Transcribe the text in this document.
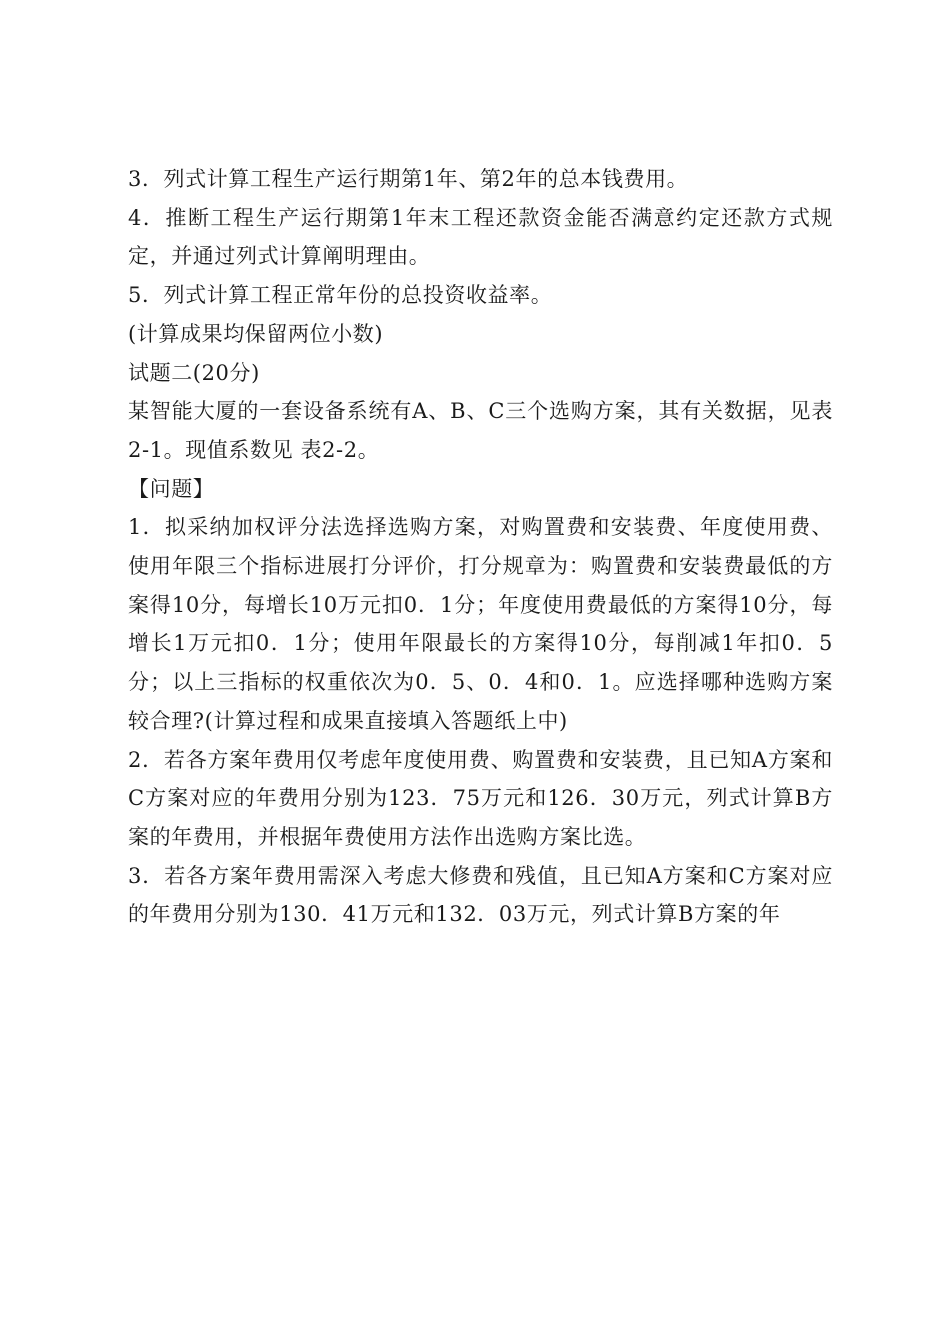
3．列式计算工程生产运行期第1年、第2年的总本钱费用。

4．推断工程生产运行期第1年末工程还款资金能否满意约定还款方式规定，并通过列式计算阐明理由。

5．列式计算工程正常年份的总投资收益率。

(计算成果均保留两位小数)

试题二(20分)

某智能大厦的一套设备系统有A、B、C三个选购方案，其有关数据，见表2-1。现值系数见 表2-2。

【问题】

1．拟采纳加权评分法选择选购方案，对购置费和安装费、年度使用费、使用年限三个指标进展打分评价，打分规章为：购置费和安装费最低的方案得10分，每增长10万元扣0．1分；年度使用费最低的方案得10分，每增长1万元扣0．1分；使用年限最长的方案得10分，每削减1年扣0．5分；以上三指标的权重依次为0．5、0．4和0．1。应选择哪种选购方案较合理?(计算过程和成果直接填入答题纸上中)

2．若各方案年费用仅考虑年度使用费、购置费和安装费，且已知A方案和C方案对应的年费用分别为123．75万元和126．30万元，列式计算B方案的年费用，并根据年费使用方法作出选购方案比选。

3．若各方案年费用需深入考虑大修费和残值，且已知A方案和C方案对应的年费用分别为130．41万元和132．03万元，列式计算B方案的年
